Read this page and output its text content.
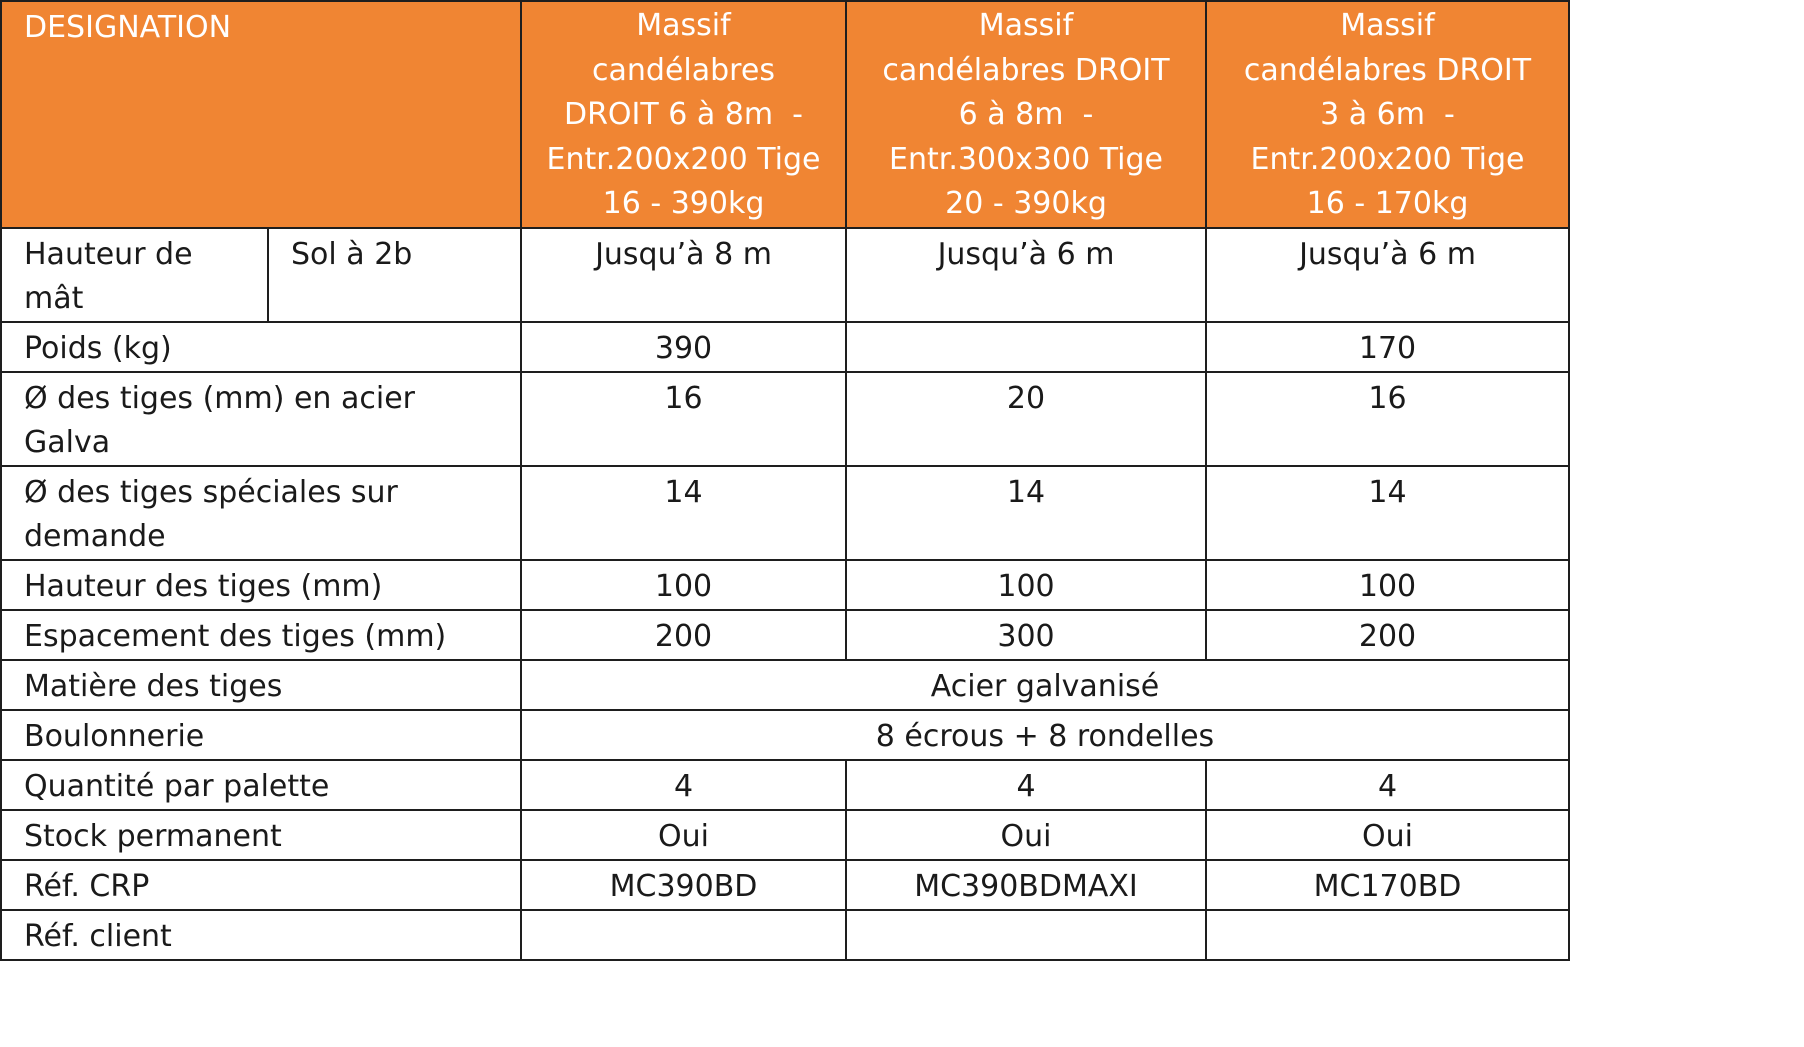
DESIGNATION		Massif
candélabres
DROIT 6 à 8m  -
Entr.200x200 Tige
16 - 390kg	Massif
candélabres DROIT
6 à 8m  -
Entr.300x300 Tige
20 - 390kg	Massif
candélabres DROIT
3 à 6m  -
Entr.200x200 Tige
16 - 170kg
Hauteur de mât	Sol à 2b	Jusqu’à 8 m	Jusqu’à 6 m	Jusqu’à 6 m
Poids (kg)		390		170
Ø des tiges (mm) en acier Galva		16	20	16
Ø des tiges spéciales sur demande		14	14	14
Hauteur des tiges (mm)		100	100	100
Espacement des tiges (mm)		200	300	200
Matière des tiges		Acier galvanisé		
Boulonnerie		8 écrous + 8 rondelles		
Quantité par palette		4	4	4
Stock permanent		Oui	Oui	Oui
Réf. CRP		MC390BD	MC390BDMAXI	MC170BD
Réf. client				
